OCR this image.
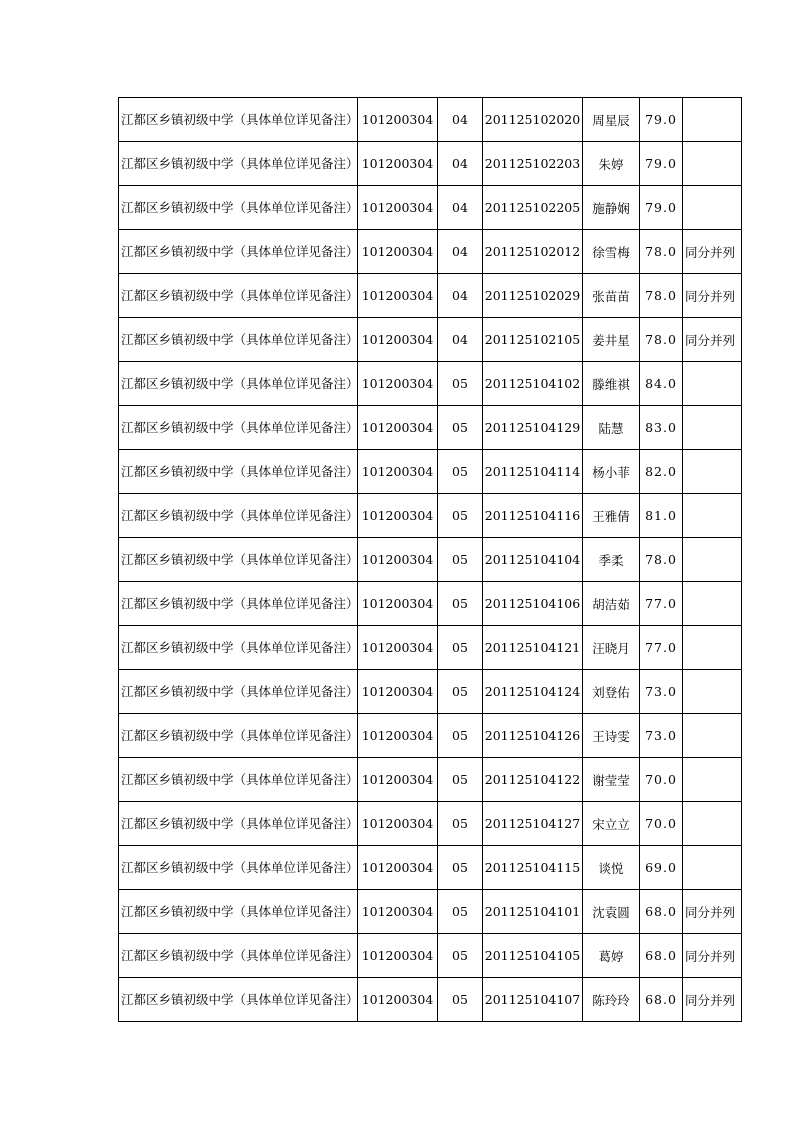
江都区乡镇初级中学（具体单位详见备注）	101200304	04	201125102020	周星辰	79.0	
江都区乡镇初级中学（具体单位详见备注）	101200304	04	201125102203	朱婷	79.0	
江都区乡镇初级中学（具体单位详见备注）	101200304	04	201125102205	施静娴	79.0	
江都区乡镇初级中学（具体单位详见备注）	101200304	04	201125102012	徐雪梅	78.0	同分并列
江都区乡镇初级中学（具体单位详见备注）	101200304	04	201125102029	张苗苗	78.0	同分并列
江都区乡镇初级中学（具体单位详见备注）	101200304	04	201125102105	姜井星	78.0	同分并列
江都区乡镇初级中学（具体单位详见备注）	101200304	05	201125104102	滕维祺	84.0	
江都区乡镇初级中学（具体单位详见备注）	101200304	05	201125104129	陆慧	83.0	
江都区乡镇初级中学（具体单位详见备注）	101200304	05	201125104114	杨小菲	82.0	
江都区乡镇初级中学（具体单位详见备注）	101200304	05	201125104116	王雅倩	81.0	
江都区乡镇初级中学（具体单位详见备注）	101200304	05	201125104104	季柔	78.0	
江都区乡镇初级中学（具体单位详见备注）	101200304	05	201125104106	胡洁茹	77.0	
江都区乡镇初级中学（具体单位详见备注）	101200304	05	201125104121	汪晓月	77.0	
江都区乡镇初级中学（具体单位详见备注）	101200304	05	201125104124	刘登佑	73.0	
江都区乡镇初级中学（具体单位详见备注）	101200304	05	201125104126	王诗雯	73.0	
江都区乡镇初级中学（具体单位详见备注）	101200304	05	201125104122	谢莹莹	70.0	
江都区乡镇初级中学（具体单位详见备注）	101200304	05	201125104127	宋立立	70.0	
江都区乡镇初级中学（具体单位详见备注）	101200304	05	201125104115	谈悦	69.0	
江都区乡镇初级中学（具体单位详见备注）	101200304	05	201125104101	沈袁圆	68.0	同分并列
江都区乡镇初级中学（具体单位详见备注）	101200304	05	201125104105	葛婷	68.0	同分并列
江都区乡镇初级中学（具体单位详见备注）	101200304	05	201125104107	陈玲玲	68.0	同分并列
